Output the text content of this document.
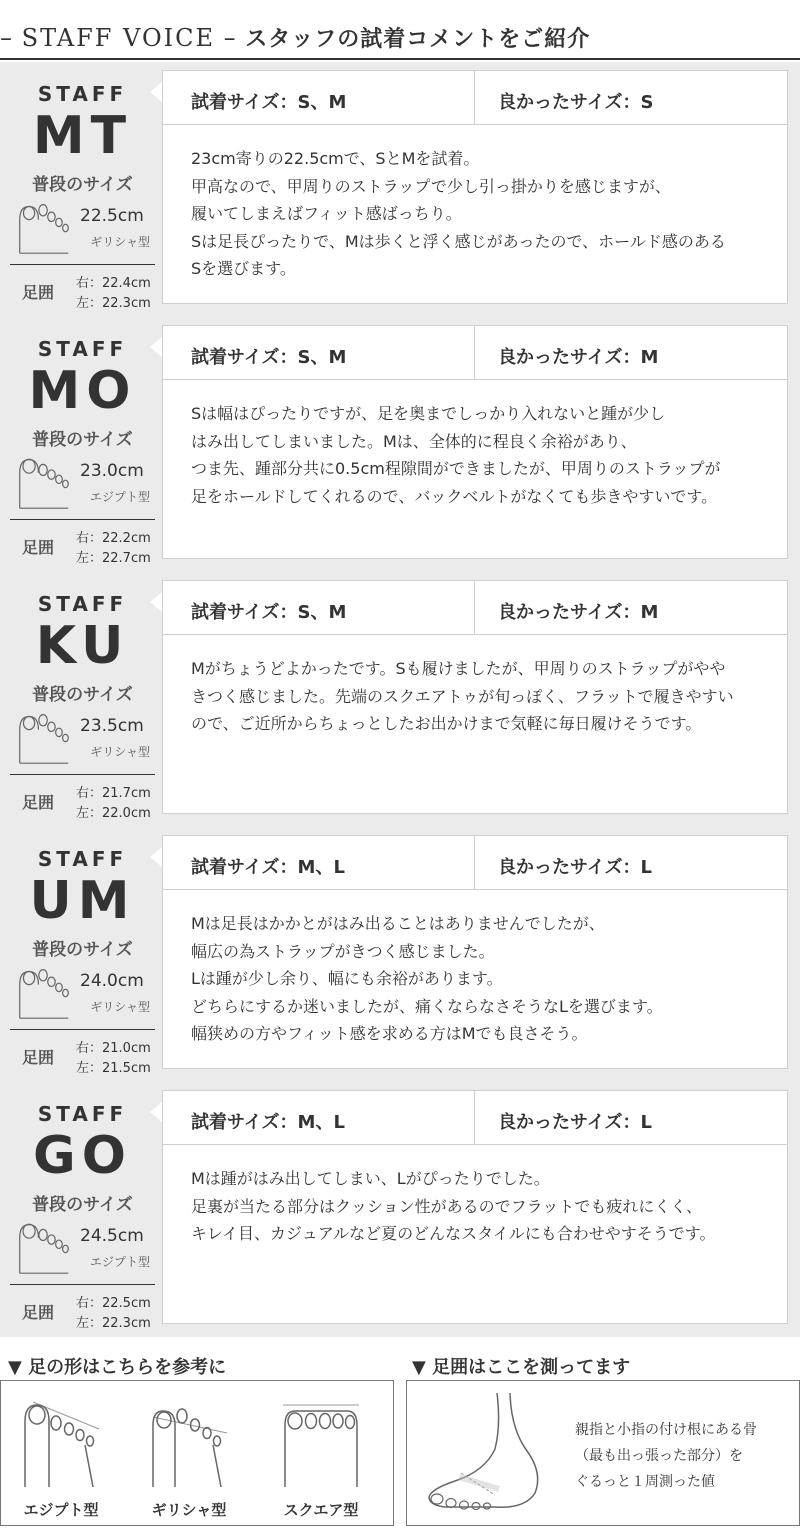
– STAFF VOICE – スタッフの試着コメントをご紹介
STAFF
MT
普段のサイズ
22.5cm
ギリシャ型
足囲 右：22.4cm
左：22.3cm
試着サイズ：S、M	良かったサイズ：S
23cm寄りの22.5cmで、SとMを試着。
甲高なので、甲周りのストラップで少し引っ掛かりを感じますが、
履いてしまえばフィット感ばっちり。
Sは足長ぴったりで、Mは歩くと浮く感じがあったので、ホールド感のある
Sを選びます。
STAFF
MO
普段のサイズ
23.0cm
エジプト型
足囲 右：22.2cm
左：22.7cm
試着サイズ：S、M	良かったサイズ：M
Sは幅はぴったりですが、足を奥までしっかり入れないと踵が少し
はみ出してしまいました。Mは、全体的に程良く余裕があり、
つま先、踵部分共に0.5cm程隙間ができましたが、甲周りのストラップが
足をホールドしてくれるので、バックベルトがなくても歩きやすいです。
STAFF
KU
普段のサイズ
23.5cm
ギリシャ型
足囲 右：21.7cm
左：22.0cm
試着サイズ：S、M	良かったサイズ：M
Mがちょうどよかったです。Sも履けましたが、甲周りのストラップがやや
きつく感じました。先端のスクエアトゥが旬っぽく、フラットで履きやすい
ので、ご近所からちょっとしたお出かけまで気軽に毎日履けそうです。
STAFF
UM
普段のサイズ
24.0cm
ギリシャ型
足囲 右：21.0cm
左：21.5cm
試着サイズ：M、L	良かったサイズ：L
Mは足長はかかとがはみ出ることはありませんでしたが、
幅広の為ストラップがきつく感じました。
Lは踵が少し余り、幅にも余裕があります。
どちらにするか迷いましたが、痛くならなさそうなLを選びます。
幅狭めの方やフィット感を求める方はMでも良さそう。
STAFF
GO
普段のサイズ
24.5cm
エジプト型
足囲 右：22.5cm
左：22.3cm
試着サイズ：M、L	良かったサイズ：L
Mは踵がはみ出してしまい、Lがぴったりでした。
足裏が当たる部分はクッション性があるのでフラットでも疲れにくく、
キレイ目、カジュアルなど夏のどんなスタイルにも合わせやすそうです。
▼ 足の形はこちらを参考に
エジプト型	ギリシャ型	スクエア型
▼ 足囲はここを測ってます
親指と小指の付け根にある骨
（最も出っ張った部分）を
ぐるっと１周測った値
